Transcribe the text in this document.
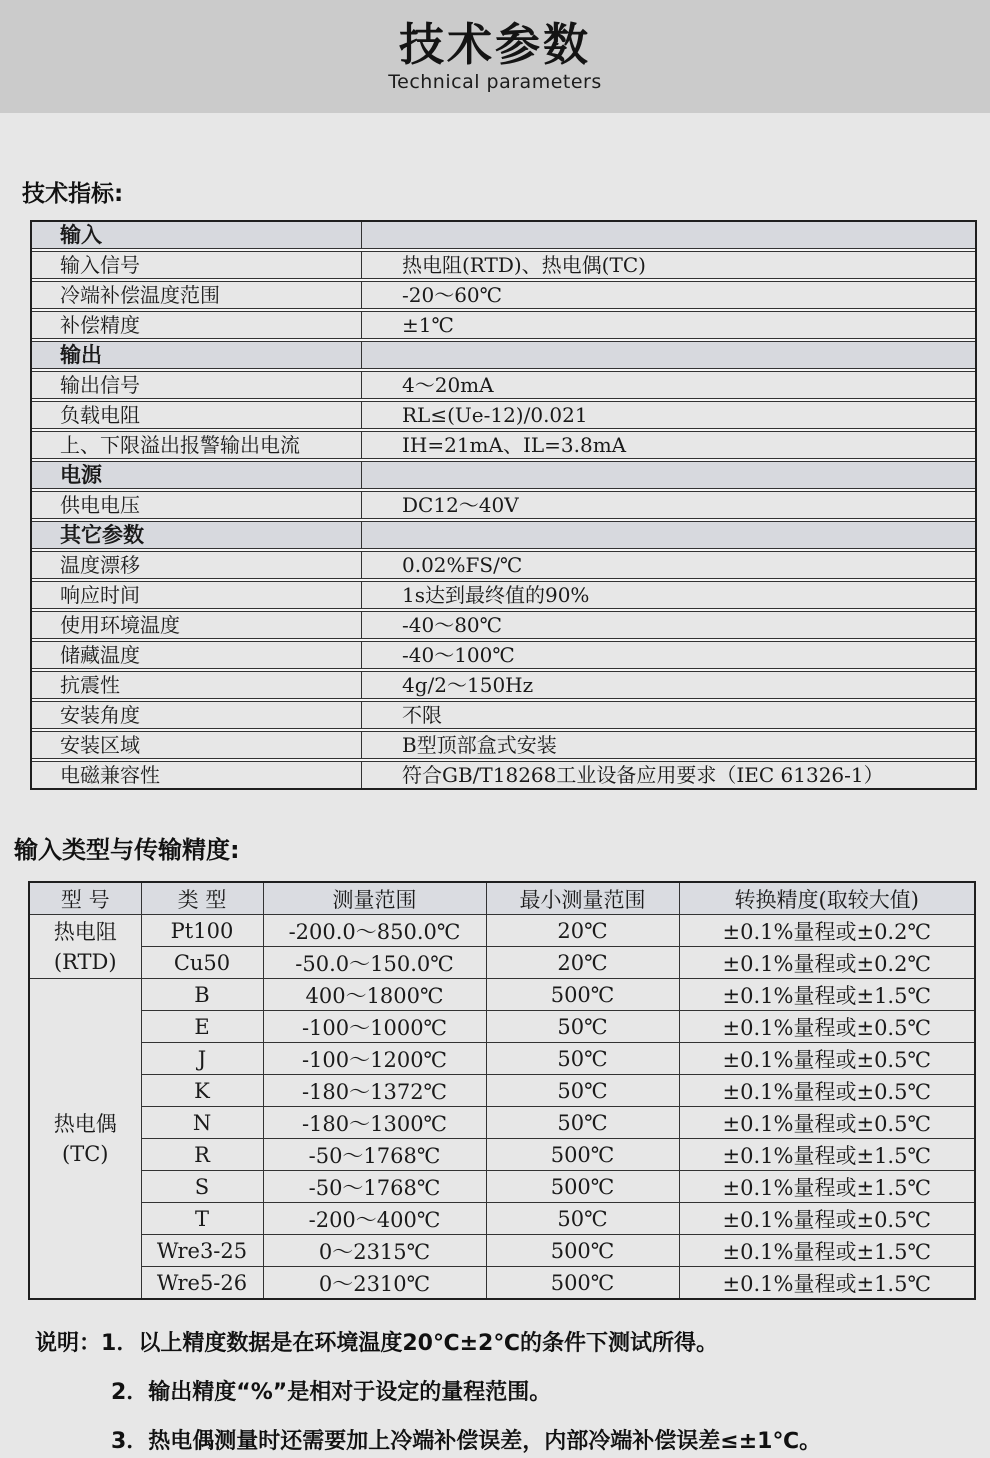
技术参数
Technical parameters
技术指标:
输入
输入信号	热电阻(RTD)、热电偶(TC)
冷端补偿温度范围	-20～60℃
补偿精度	±1℃
输出
输出信号	4～20mA
负载电阻	RL≤(Ue-12)/0.021
上、下限溢出报警输出电流	IH=21mA、IL=3.8mA
电源
供电电压	DC12～40V
其它参数
温度漂移	0.02%FS/℃
响应时间	1s达到最终值的90%
使用环境温度	-40～80℃
储藏温度	-40～100℃
抗震性	4g/2～150Hz
安装角度	不限
安装区域	B型顶部盒式安装
电磁兼容性	符合GB/T18268工业设备应用要求（IEC 61326-1）
输入类型与传输精度:
型 号	类 型	测量范围	最小测量范围	转换精度(取较大值)

热电阻
(RTD)	Pt100	-200.0～850.0℃	20℃	±0.1%量程或±0.2℃
	Cu50	-50.0～150.0℃	20℃	±0.1%量程或±0.2℃

热电偶
(TC)	B	400～1800℃	500℃	±0.1%量程或±1.5℃
	E	-100～1000℃	50℃	±0.1%量程或±0.5℃
	J	-100～1200℃	50℃	±0.1%量程或±0.5℃
	K	-180～1372℃	50℃	±0.1%量程或±0.5℃
	N	-180～1300℃	50℃	±0.1%量程或±0.5℃
	R	-50～1768℃	500℃	±0.1%量程或±1.5℃
	S	-50～1768℃	500℃	±0.1%量程或±1.5℃
	T	-200～400℃	50℃	±0.1%量程或±0.5℃
	Wre3-25	0～2315℃	500℃	±0.1%量程或±1.5℃
	Wre5-26	0～2310℃	500℃	±0.1%量程或±1.5℃
说明：1．以上精度数据是在环境温度20℃±2℃的条件下测试所得。
2．输出精度“%”是相对于设定的量程范围。
3．热电偶测量时还需要加上冷端补偿误差，内部冷端补偿误差≤±1℃。
